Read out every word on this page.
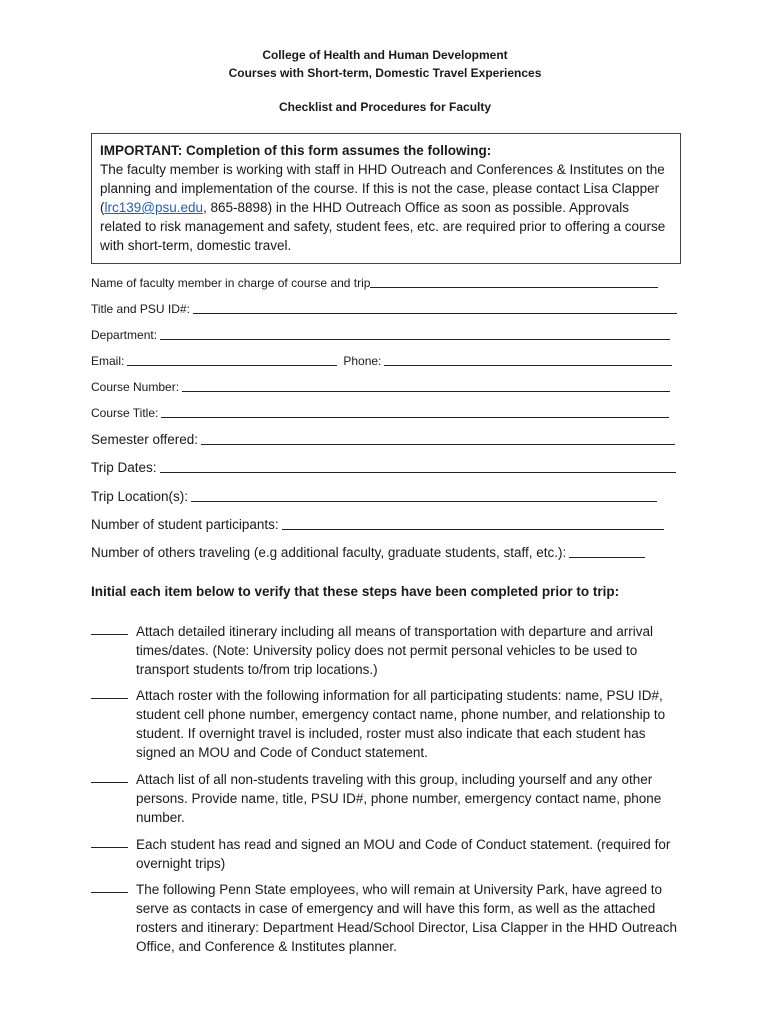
College of Health and Human Development
Courses with Short-term, Domestic Travel Experiences
Checklist and Procedures for Faculty
IMPORTANT: Completion of this form assumes the following:
The faculty member is working with staff in HHD Outreach and Conferences & Institutes on the planning and implementation of the course. If this is not the case, please contact Lisa Clapper (lrc139@psu.edu, 865-8898) in the HHD Outreach Office as soon as possible. Approvals related to risk management and safety, student fees, etc. are required prior to offering a course with short-term, domestic travel.
Name of faculty member in charge of course and trip
Title and PSU ID#:
Department:
Email:	Phone:
Course Number:
Course Title:
Semester offered:
Trip Dates:
Trip Location(s):
Number of student participants:
Number of others traveling (e.g additional faculty, graduate students, staff, etc.):
Initial each item below to verify that these steps have been completed prior to trip:
Attach detailed itinerary including all means of transportation with departure and arrival times/dates. (Note: University policy does not permit personal vehicles to be used to transport students to/from trip locations.)
Attach roster with the following information for all participating students: name, PSU ID#, student cell phone number, emergency contact name, phone number, and relationship to student. If overnight travel is included, roster must also indicate that each student has signed an MOU and Code of Conduct statement.
Attach list of all non-students traveling with this group, including yourself and any other persons. Provide name, title, PSU ID#, phone number, emergency contact name, phone number.
Each student has read and signed an MOU and Code of Conduct statement. (required for overnight trips)
The following Penn State employees, who will remain at University Park, have agreed to serve as contacts in case of emergency and will have this form, as well as the attached rosters and itinerary: Department Head/School Director, Lisa Clapper in the HHD Outreach Office, and Conference & Institutes planner.
